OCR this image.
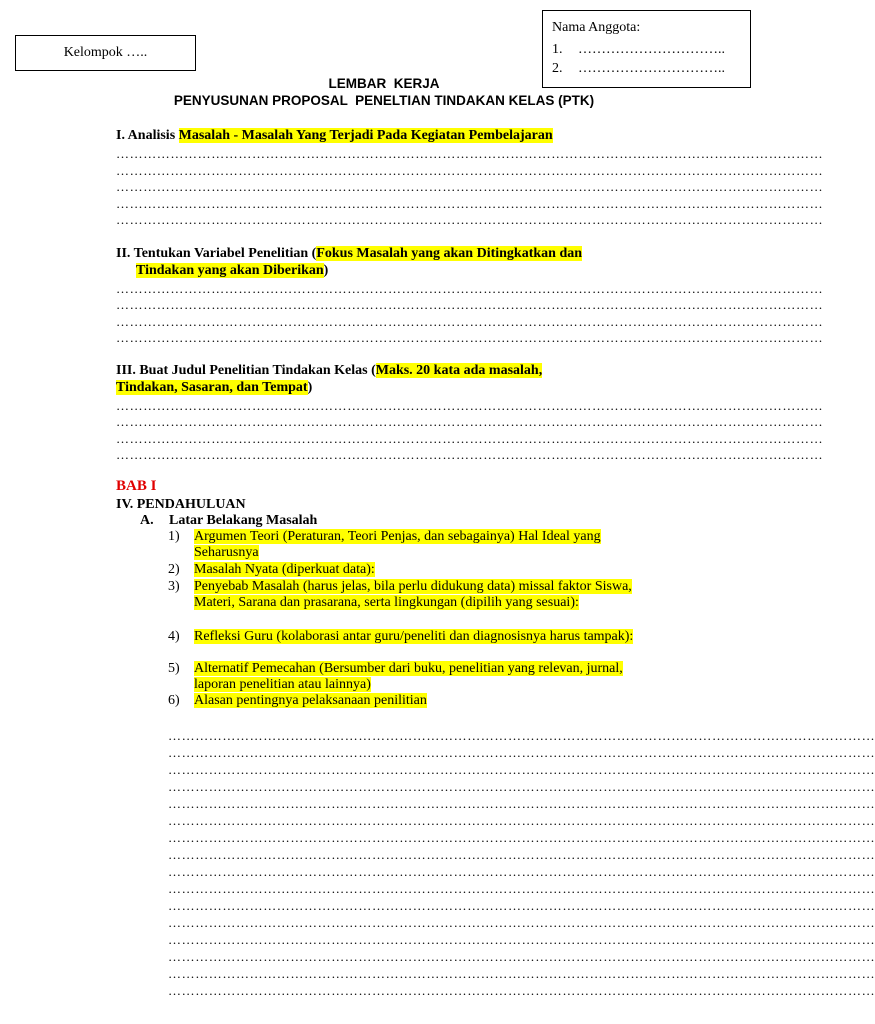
Kelompok …..
Nama Anggota:
1. …………………………..
2. …………………………..
LEMBAR  KERJA
PENYUSUNAN PROPOSAL  PENELTIAN TINDAKAN KELAS (PTK)
I. Analisis Masalah - Masalah Yang Terjadi Pada Kegiatan Pembelajaran
…………………………………………………………………………………………………………………………………………
…………………………………………………………………………………………………………………………………………
…………………………………………………………………………………………………………………………………………
…………………………………………………………………………………………………………………………………………
…………………………………………………………………………………………………………………………………………
II. Tentukan Variabel Penelitian (Fokus Masalah yang akan Ditingkatkan dan
Tindakan yang akan Diberikan)
…………………………………………………………………………………………………………………………………………
…………………………………………………………………………………………………………………………………………
…………………………………………………………………………………………………………………………………………
…………………………………………………………………………………………………………………………………………
III. Buat Judul Penelitian Tindakan Kelas (Maks. 20 kata ada masalah,
Tindakan, Sasaran, dan Tempat)
…………………………………………………………………………………………………………………………………………
…………………………………………………………………………………………………………………………………………
…………………………………………………………………………………………………………………………………………
…………………………………………………………………………………………………………………………………………
BAB I
IV. PENDAHULUAN
A. Latar Belakang Masalah
1) Argumen Teori (Peraturan, Teori Penjas, dan sebagainya) Hal Ideal yang Seharusnya
2) Masalah Nyata (diperkuat data):
3) Penyebab Masalah (harus jelas, bila perlu didukung data) missal faktor Siswa, Materi, Sarana dan prasarana, serta lingkungan (dipilih yang sesuai):
4) Refleksi Guru (kolaborasi antar guru/peneliti dan diagnosisnya harus tampak):
5) Alternatif Pemecahan (Bersumber dari buku, penelitian yang relevan, jurnal, laporan penelitian atau lainnya)
6) Alasan pentingnya pelaksanaan penilitian
…………………………………………………………………………………………………………………………………………
…………………………………………………………………………………………………………………………………………
…………………………………………………………………………………………………………………………………………
…………………………………………………………………………………………………………………………………………
…………………………………………………………………………………………………………………………………………
…………………………………………………………………………………………………………………………………………
…………………………………………………………………………………………………………………………………………
…………………………………………………………………………………………………………………………………………
…………………………………………………………………………………………………………………………………………
…………………………………………………………………………………………………………………………………………
…………………………………………………………………………………………………………………………………………
…………………………………………………………………………………………………………………………………………
…………………………………………………………………………………………………………………………………………
…………………………………………………………………………………………………………………………………………
…………………………………………………………………………………………………………………………………………
…………………………………………………………………………………………………………………………………………
